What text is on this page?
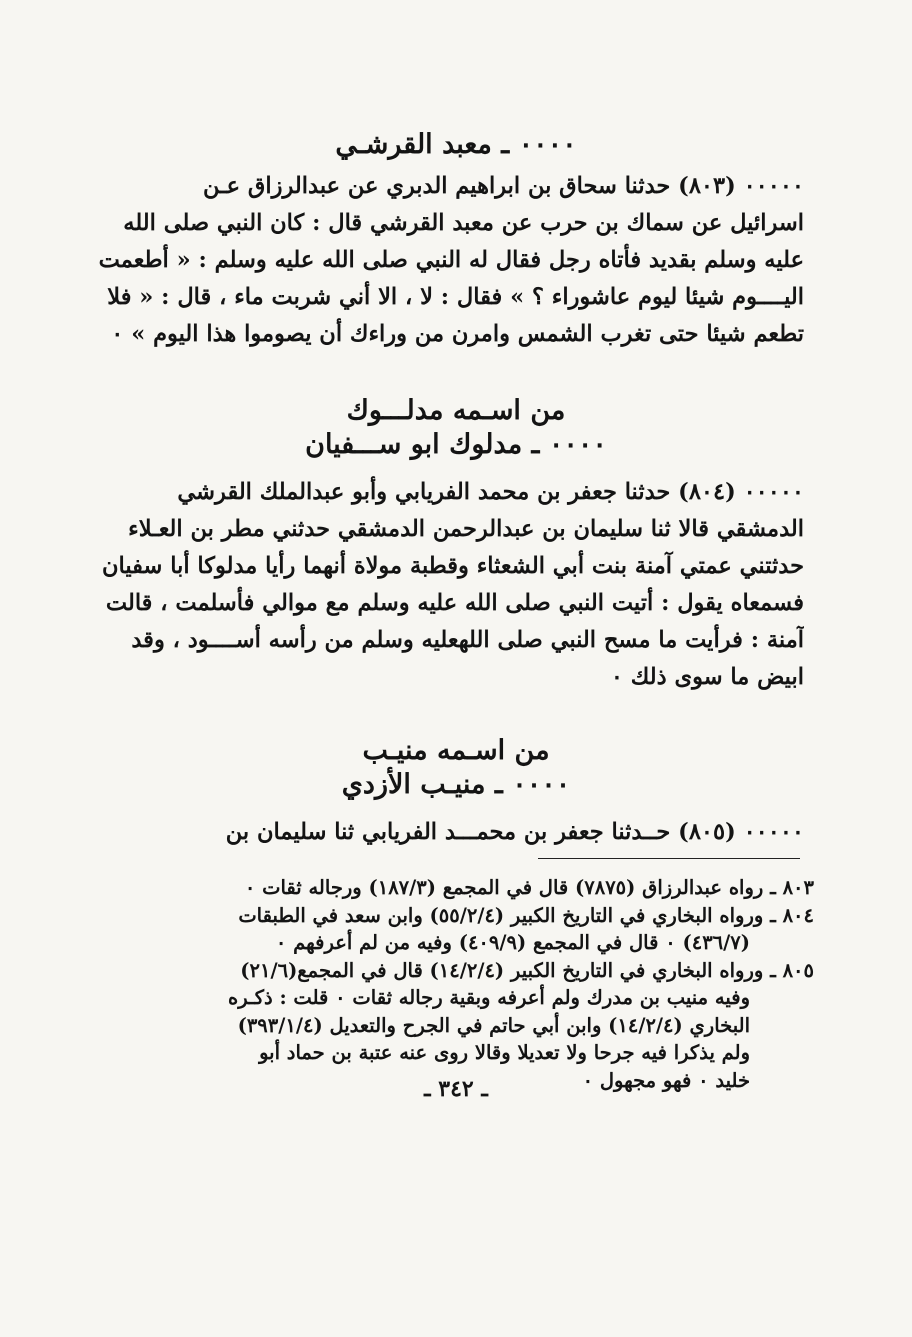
٠٠٠٠ ـ معبد القرشـي
٠٠٠٠٠ (٨٠٣) حدثنا سحاق بن ابراهيم الدبري عن عبدالرزاق عـن
اسرائيل عن سماك بن حرب عن معبد القرشي قال : كان النبي صلى الله
عليه وسلم بقديد فأتاه رجل فقال له النبي صلى الله عليه وسلم : « أطعمت
اليــــوم شيئا ليوم عاشوراء ؟ » فقال : لا ، الا أني شربت ماء ، قال : « فلا
تطعم شيئا حتى تغرب الشمس وامرن من وراءك أن يصوموا هذا اليوم » ٠
من اسـمه مدلـــوك
٠٠٠٠ ـ مدلوك ابو ســـفيان
٠٠٠٠٠ (٨٠٤) حدثنا جعفر بن محمد الفريابي وأبو عبدالملك القرشي
الدمشقي قالا ثنا سليمان بن عبدالرحمن الدمشقي حدثني مطر بن العـلاء
حدثتني عمتي آمنة بنت أبي الشعثاء وقطبة مولاة أنهما رأيا مدلوكا أبا سفيان
فسمعاه يقول : أتيت النبي صلى الله عليه وسلم مع موالي فأسلمت ، قالت
آمنة : فرأيت ما مسح النبي صلى اللهعليه وسلم من رأسه أســــود ، وقد
ابيض ما سوى ذلك ٠
من اسـمه منيـب
٠٠٠٠ ـ منيـب الأزدي
٠٠٠٠٠ (٨٠٥) حــدثنا جعفر بن محمـــد الفريابي ثنا سليمان بن
٨٠٣ ـ رواه عبدالرزاق (٧٨٧٥) قال في المجمع (١٨٧/٣) ورجاله ثقات ٠
٨٠٤ ـ ورواه البخاري في التاريخ الكبير (٥٥/٢/٤) وابن سعد في الطبقات
(٤٣٦/٧) ٠ قال في المجمع (٤٠٩/٩) وفيه من لم أعرفهم ٠
٨٠٥ ـ ورواه البخاري في التاريخ الكبير (١٤/٢/٤) قال في المجمع(٢١/٦)
وفيه منيب بن مدرك ولم أعرفه وبقية رجاله ثقات ٠ قلت : ذكـره
البخاري (١٤/٢/٤) وابن أبي حاتم في الجرح والتعديل (٣٩٣/١/٤)
ولم يذكرا فيه جرحا ولا تعديلا وقالا روى عنه عتبة بن حماد أبو
خليد ٠ فهو مجهول ٠
ـ ٣٤٢ ـ
